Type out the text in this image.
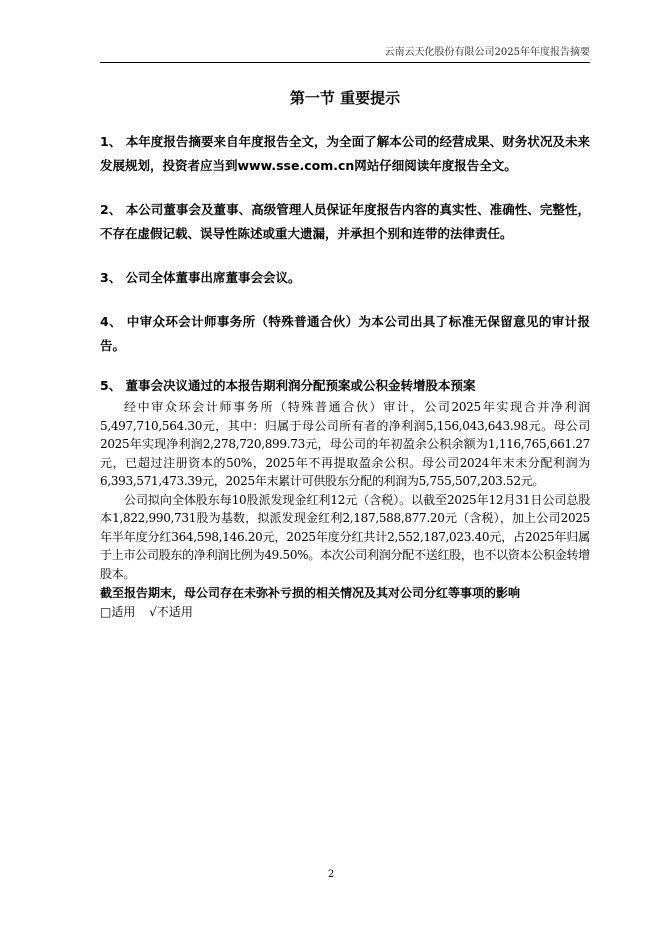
云南云天化股份有限公司2025年年度报告摘要
第一节 重要提示

1、 本年度报告摘要来自年度报告全文，为全面了解本公司的经营成果、财务状况及未来发展规划，投资者应当到www.sse.com.cn网站仔细阅读年度报告全文。

2、 本公司董事会及董事、高级管理人员保证年度报告内容的真实性、准确性、完整性，不存在虚假记载、误导性陈述或重大遗漏，并承担个别和连带的法律责任。

3、 公司全体董事出席董事会会议。

4、 中审众环会计师事务所（特殊普通合伙）为本公司出具了标准无保留意见的审计报告。

5、 董事会决议通过的本报告期利润分配预案或公积金转增股本预案

经中审众环会计师事务所（特殊普通合伙）审计，公司2025年实现合并净利润5,497,710,564.30元，其中：归属于母公司所有者的净利润5,156,043,643.98元。母公司2025年实现净利润2,278,720,899.73元，母公司的年初盈余公积余额为1,116,765,661.27元，已超过注册资本的50%，2025年不再提取盈余公积。母公司2024年末未分配利润为6,393,571,473.39元，2025年末累计可供股东分配的利润为5,755,507,203.52元。

公司拟向全体股东每10股派发现金红利12元（含税）。以截至2025年12月31日公司总股本1,822,990,731股为基数，拟派发现金红利2,187,588,877.20元（含税），加上公司2025年半年度分红364,598,146.20元，2025年度分红共计2,552,187,023.40元，占2025年归属于上市公司股东的净利润比例为49.50%。本次公司利润分配不送红股，也不以资本公积金转增股本。

截至报告期末，母公司存在未弥补亏损的相关情况及其对公司分红等事项的影响

□适用 √不适用

2
